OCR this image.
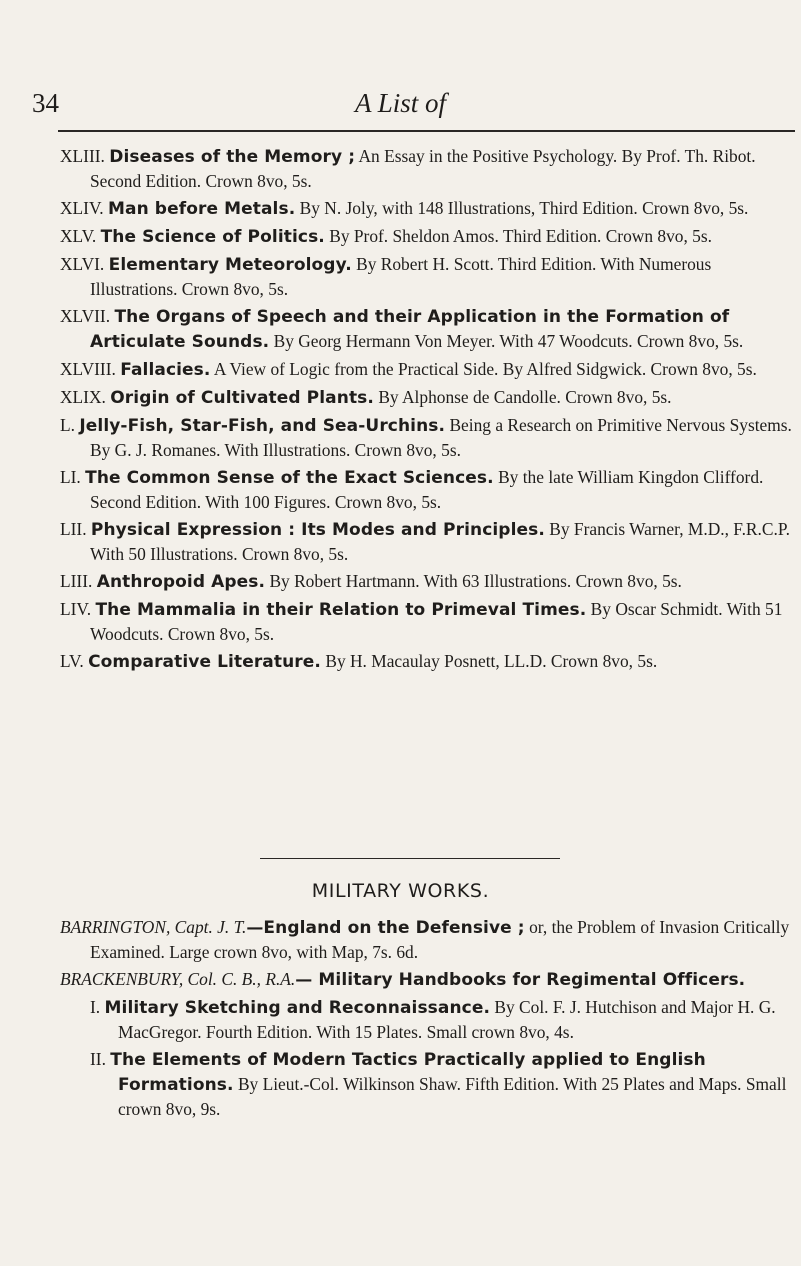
34	A List of
XLIII. Diseases of the Memory ; An Essay in the Positive Psychology. By Prof. Th. Ribot. Second Edition. Crown 8vo, 5s.
XLIV. Man before Metals. By N. Joly, with 148 Illustrations, Third Edition. Crown 8vo, 5s.
XLV. The Science of Politics. By Prof. Sheldon Amos. Third Edition. Crown 8vo, 5s.
XLVI. Elementary Meteorology. By Robert H. Scott. Third Edition. With Numerous Illustrations. Crown 8vo, 5s.
XLVII. The Organs of Speech and their Application in the Formation of Articulate Sounds. By Georg Hermann Von Meyer. With 47 Woodcuts. Crown 8vo, 5s.
XLVIII. Fallacies. A View of Logic from the Practical Side. By Alfred Sidgwick. Crown 8vo, 5s.
XLIX. Origin of Cultivated Plants. By Alphonse de Candolle. Crown 8vo, 5s.
L. Jelly-Fish, Star-Fish, and Sea-Urchins. Being a Research on Primitive Nervous Systems. By G. J. Romanes. With Illustrations. Crown 8vo, 5s.
LI. The Common Sense of the Exact Sciences. By the late William Kingdon Clifford. Second Edition. With 100 Figures. Crown 8vo, 5s.
LII. Physical Expression : Its Modes and Principles. By Francis Warner, M.D., F.R.C.P. With 50 Illustrations. Crown 8vo, 5s.
LIII. Anthropoid Apes. By Robert Hartmann. With 63 Illustrations. Crown 8vo, 5s.
LIV. The Mammalia in their Relation to Primeval Times. By Oscar Schmidt. With 51 Woodcuts. Crown 8vo, 5s.
LV. Comparative Literature. By H. Macaulay Posnett, LL.D. Crown 8vo, 5s.
MILITARY WORKS.
BARRINGTON, Capt. J. T.—England on the Defensive ; or, the Problem of Invasion Critically Examined. Large crown 8vo, with Map, 7s. 6d.
BRACKENBURY, Col. C. B., R.A.— Military Handbooks for Regimental Officers.
I. Military Sketching and Reconnaissance. By Col. F. J. Hutchison and Major H. G. MacGregor. Fourth Edition. With 15 Plates. Small crown 8vo, 4s.
II. The Elements of Modern Tactics Practically applied to English Formations. By Lieut.-Col. Wilkinson Shaw. Fifth Edition. With 25 Plates and Maps. Small crown 8vo, 9s.
